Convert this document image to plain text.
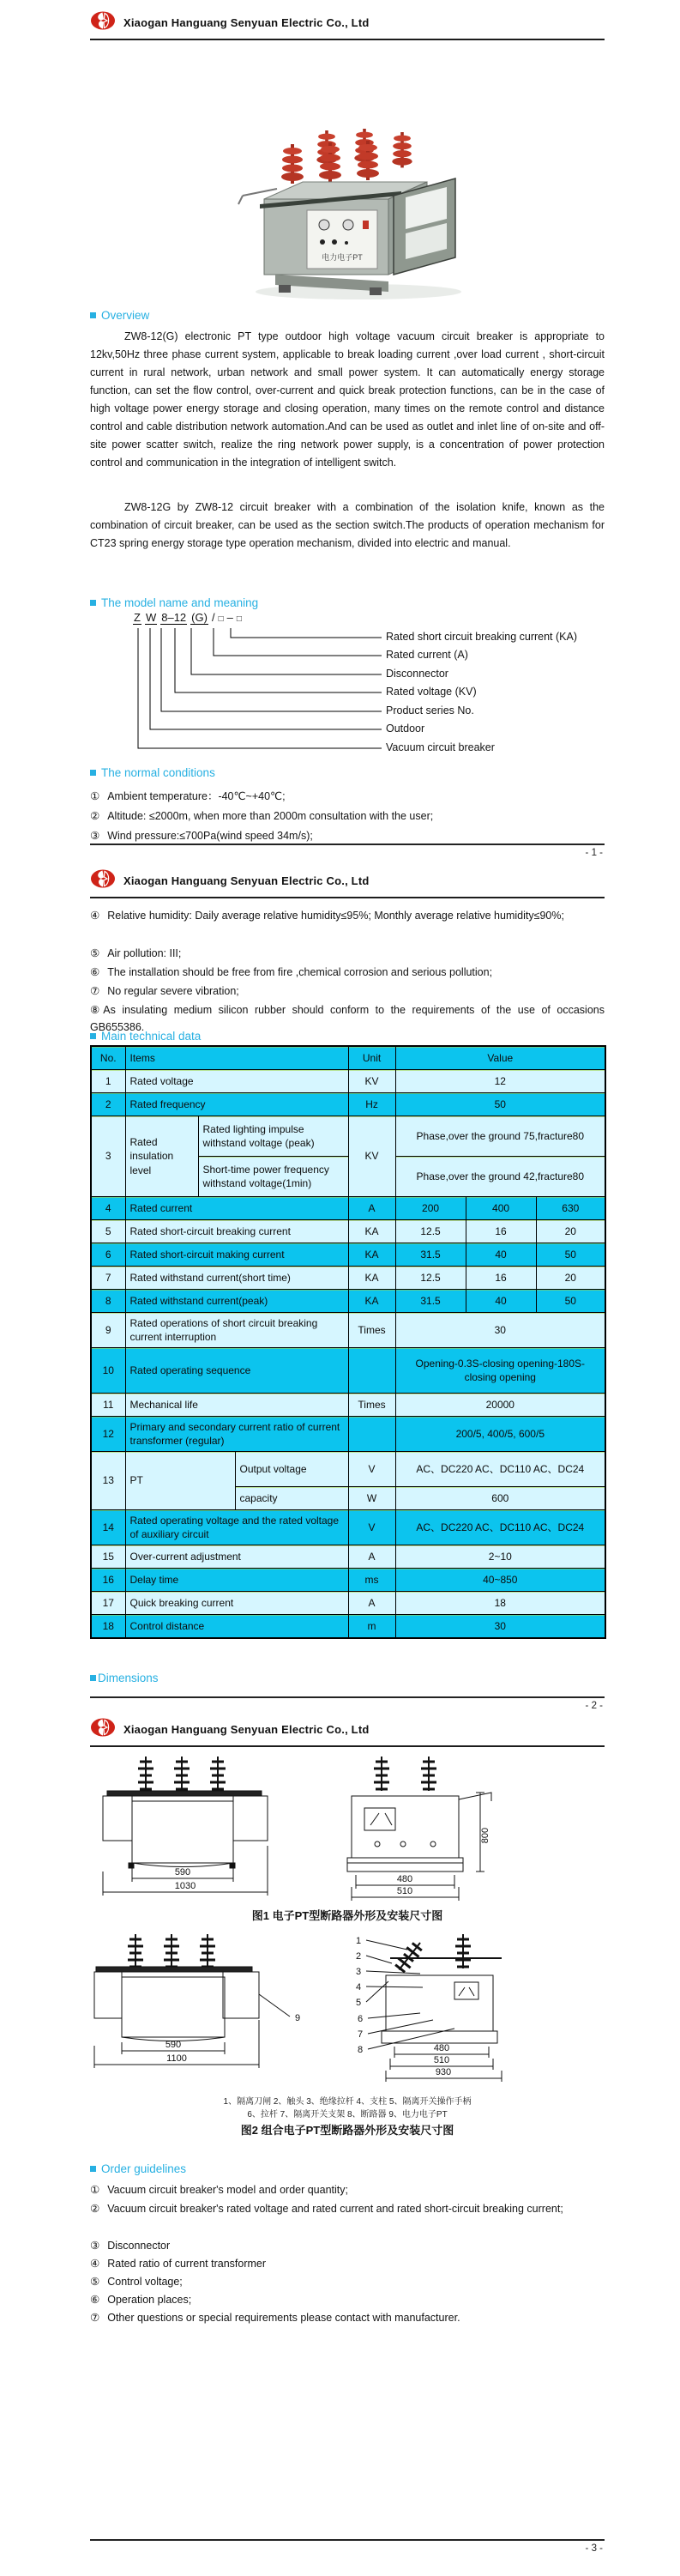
Xiaogan Hanguang Senyuan Electric Co., Ltd
电力电子PT
Overview
ZW8-12(G) electronic PT type outdoor high voltage vacuum circuit breaker is appropriate to 12kv,50Hz three phase current system, applicable to break loading current ,over load current , short-circuit current in rural network, urban network and small power system. It can automatically energy storage function, can set the flow control, over-current and quick break protection functions, can be in the case of high voltage power energy storage and closing operation, many times on the remote control and distance control and cable distribution network automation.And can be used as outlet and inlet line of on-site and off-site power scatter switch, realize the ring network power supply, is a concentration of power protection control and communication in the integration of intelligent switch.
ZW8-12G by ZW8-12 circuit breaker with a combination of the isolation knife, known as the combination of circuit breaker, can be used as the section switch.The products of operation mechanism for CT23 spring energy storage type operation mechanism, divided into electric and manual.
The model name and meaning
Z W 8–12 (G) / □ – □
Rated short circuit breaking current (KA)
Rated current (A)
Disconnector
Rated voltage (KV)
Product series No.
Outdoor
Vacuum circuit breaker
The normal conditions
① Ambient temperature：-40℃~+40℃;
② Altitude: ≤2000m, when more than 2000m consultation with the user;
③ Wind pressure:≤700Pa(wind speed 34m/s);
- 1 -
Xiaogan Hanguang Senyuan Electric Co., Ltd
④ Relative humidity: Daily average relative humidity≤95%; Monthly average relative humidity≤90%;
⑤ Air pollution: III;
⑥ The installation should be free from fire ,chemical corrosion and serious pollution;
⑦ No regular severe vibration;
⑧As insulating medium silicon rubber should conform to the requirements of the use of occasions GB655386.
Main technical data
No.	Items			Unit	Value		
1	Rated voltage			KV	12		
2	Rated frequency			Hz	50		
3	Rated insulation level	Rated lighting impulse withstand voltage (peak)		KV	Phase,over the ground 75,fracture80		
		Short-time power frequency withstand voltage(1min)			Phase,over the ground 42,fracture80		
4	Rated current			A	200	400	630
5	Rated short-circuit breaking current			KA	12.5	16	20
6	Rated short-circuit making current			KA	31.5	40	50
7	Rated withstand current(short time)			KA	12.5	16	20
8	Rated withstand current(peak)			KA	31.5	40	50
9	Rated operations of short circuit breaking current interruption			Times	30		
10	Rated operating sequence				Opening-0.3S-closing opening-180S-closing opening		
11	Mechanical life			Times	20000		
12	Primary and secondary current ratio of current transformer (regular)				200/5, 400/5, 600/5		
13	PT		Output voltage	V	AC、DC220 AC、DC110 AC、DC24		
			capacity	W	600		
14	Rated operating voltage and the rated voltage of auxiliary circuit			V	AC、DC220 AC、DC110 AC、DC24		
15	Over-current adjustment			A	2~10		
16	Delay time			ms	40~850		
17	Quick breaking current			A	18		
18	Control distance			m	30		
Dimensions
- 2 -
Xiaogan Hanguang Senyuan Electric Co., Ltd
590
1030
480
510
800
图1 电子PT型断路器外形及安装尺寸图
590
1100
9
1
2
3
4
5
6
7
8	480
510
930
1、隔离刀闸 2、触头 3、绝缘拉杆 4、支柱 5、隔离开关操作手柄
6、拉杆 7、隔离开关支架 8、断路器 9、电力电子PT
图2 组合电子PT型断路器外形及安装尺寸图
Order guidelines
① Vacuum circuit breaker's model and order quantity;
② Vacuum circuit breaker's rated voltage and rated current and rated short-circuit breaking current;
③ Disconnector
④ Rated ratio of current transformer
⑤ Control voltage;
⑥ Operation places;
⑦ Other questions or special requirements please contact with manufacturer.
- 3 -
